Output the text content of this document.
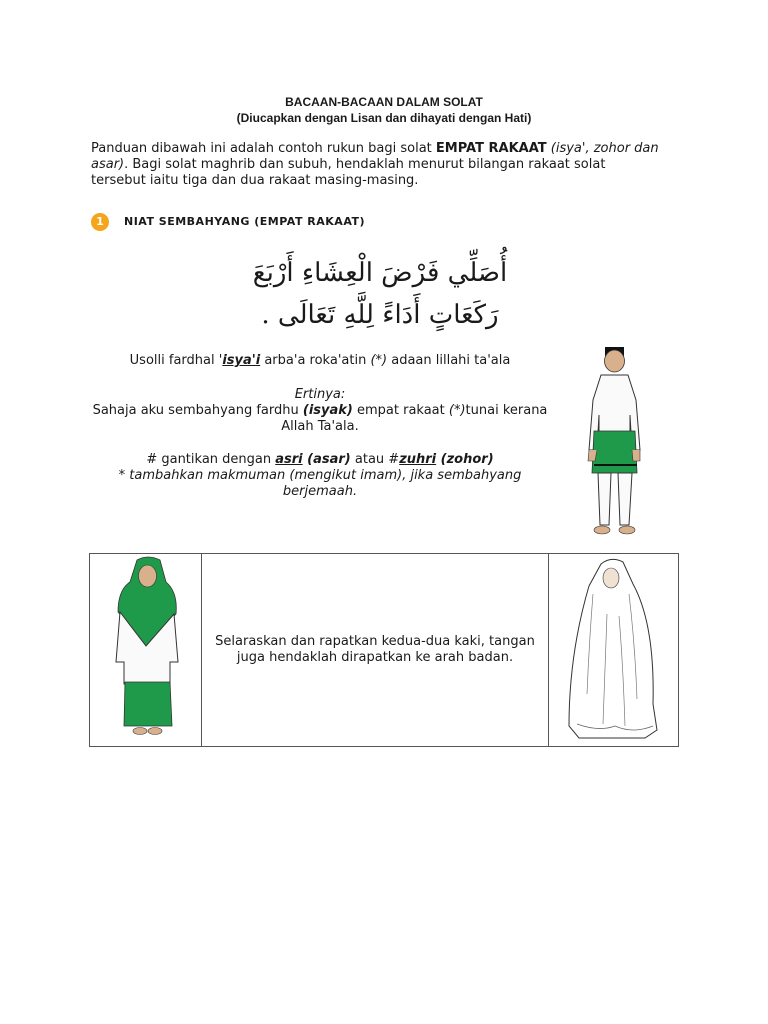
BACAAN-BACAAN DALAM SOLAT
(Diucapkan dengan Lisan dan dihayati dengan Hati)
Panduan dibawah ini adalah contoh rukun bagi solat EMPAT RAKAAT (isya', zohor dan asar). Bagi solat maghrib dan subuh, hendaklah menurut bilangan rakaat solat tersebut iaitu tiga dan dua rakaat masing-masing.
1	NIAT SEMBAHYANG (EMPAT RAKAAT)
أُصَلِّي فَرْضَ الْعِشَاءِ أَرْبَعَ
رَكَعَاتٍ أَدَاءً لِلَّهِ تَعَالَى .
Usolli fardhal 'isya'i arba'a roka'atin (*) adaan lillahi ta'ala
Ertinya:
Sahaja aku sembahyang fardhu (isyak) empat rakaat (*)tunai kerana Allah Ta'ala.
# gantikan dengan asri (asar) atau #zuhri (zohor)
* tambahkan makmuman (mengikut imam), jika sembahyang berjemaah.
	Selaraskan dan rapatkan kedua-dua kaki, tangan juga hendaklah dirapatkan ke arah badan.	
